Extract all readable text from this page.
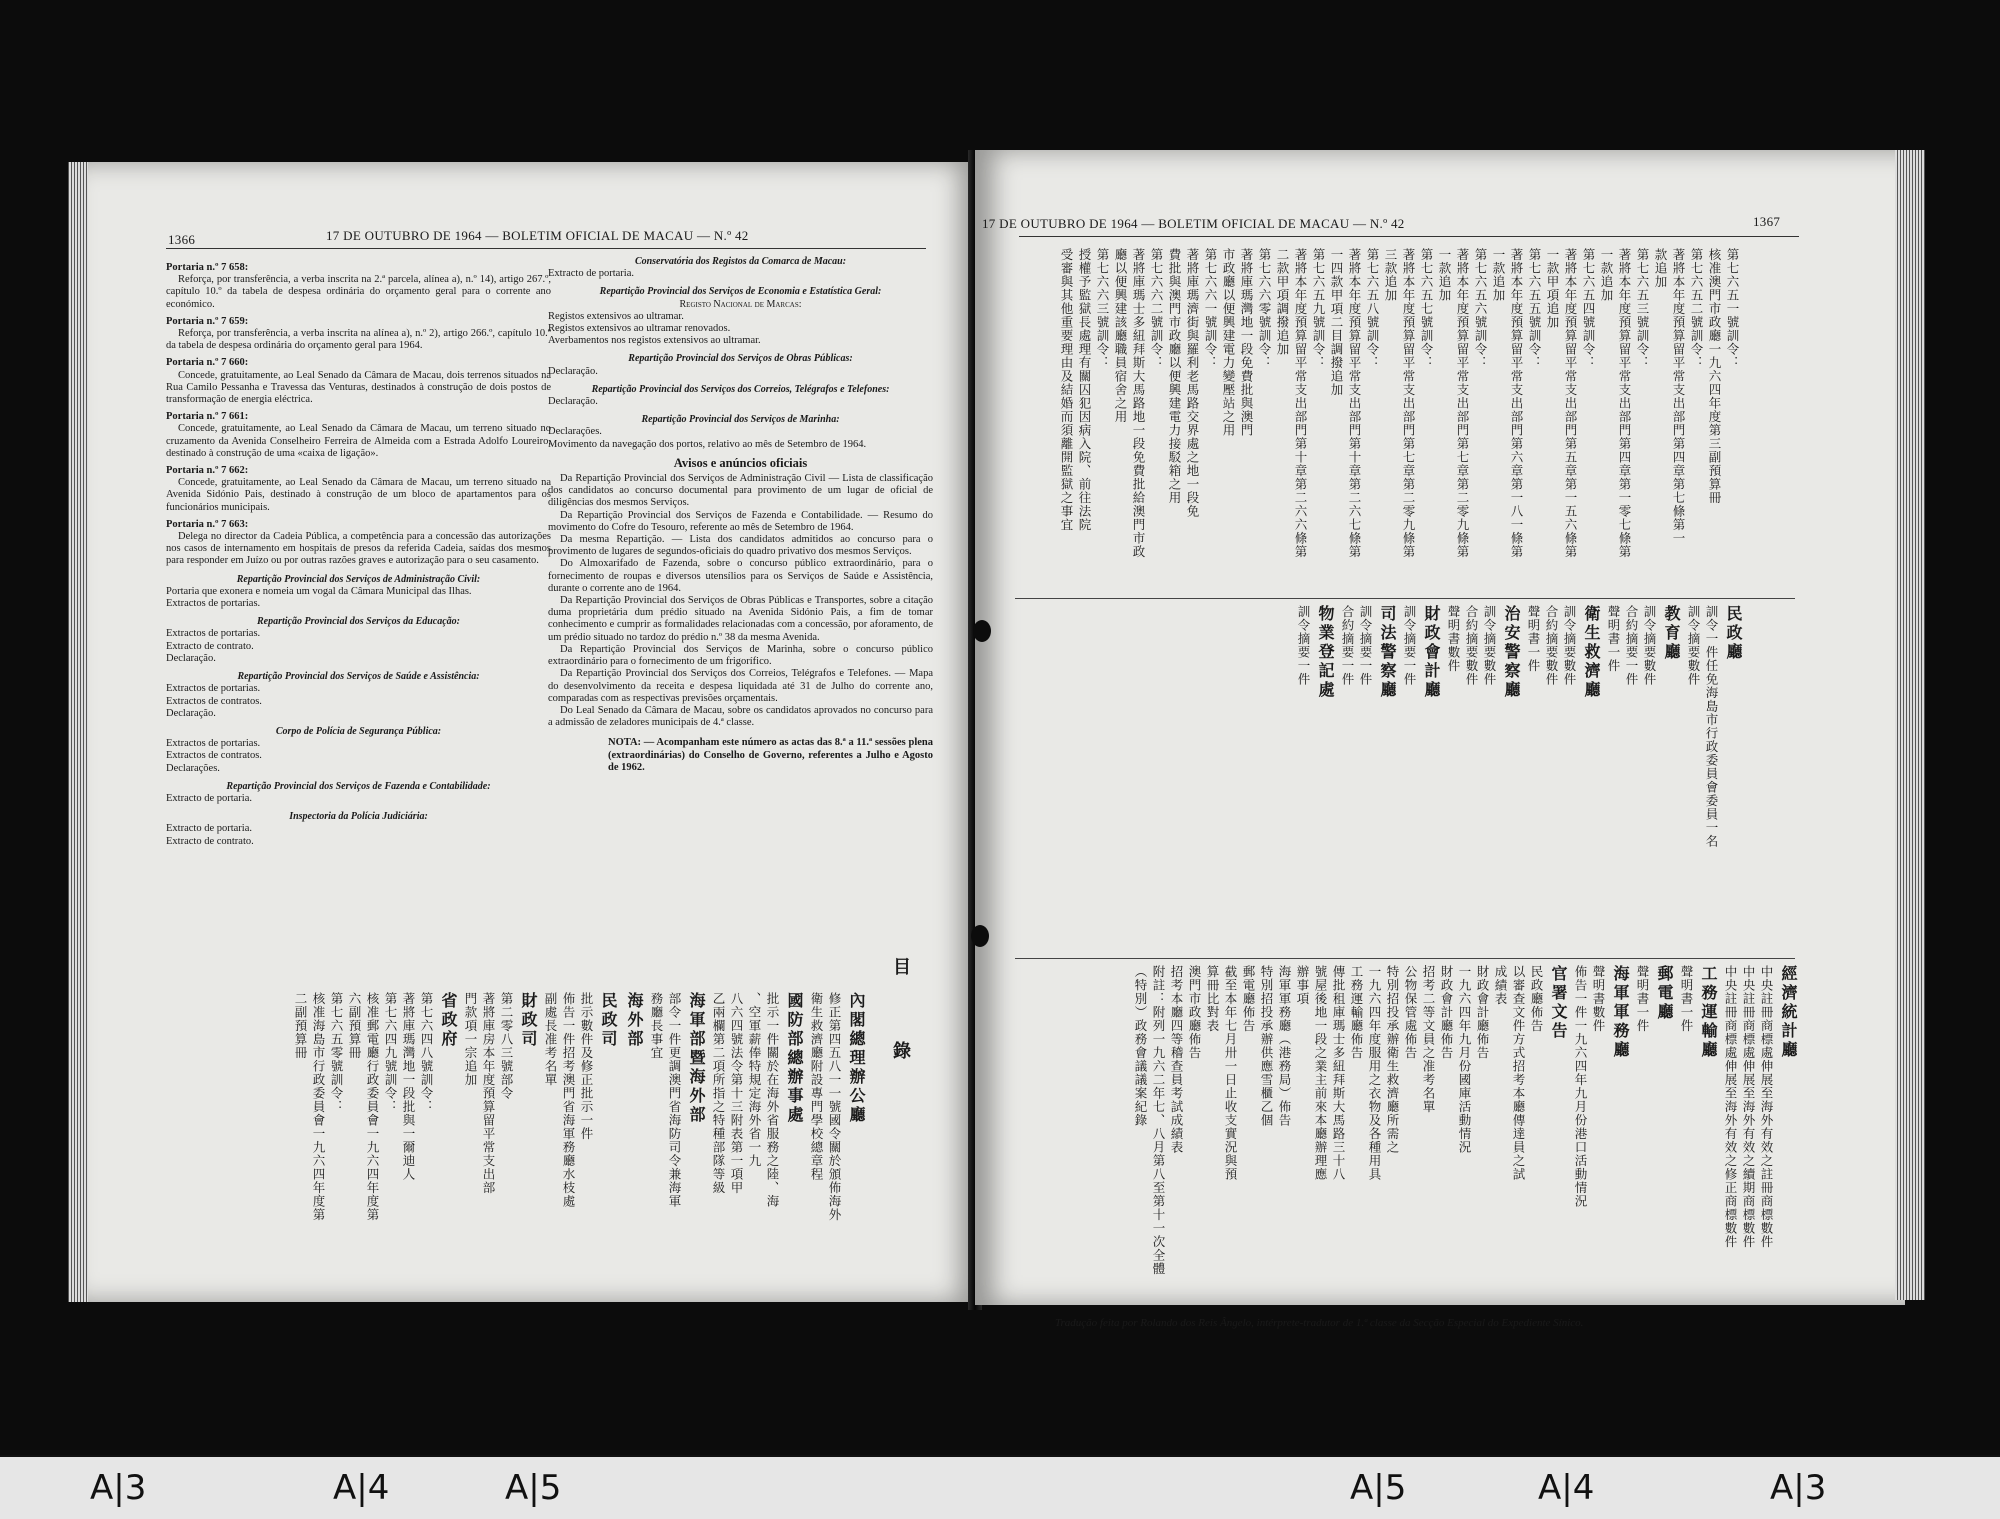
1366	17 DE OUTUBRO DE 1964 — BOLETIM OFICIAL DE MACAU — N.º 42

Portaria n.º 7 658:

Reforça, por transferência, a verba inscrita na 2.ª parcela, alínea a), n.º 14), artigo 267.º, capítulo 10.º da tabela de despesa ordinária do orçamento geral para o corrente ano económico.

Portaria n.º 7 659:

Reforça, por transferência, a verba inscrita na alínea a), n.º 2), artigo 266.º, capítulo 10.º da tabela de despesa ordinária do orçamento geral para 1964.

Portaria n.º 7 660:

Concede, gratuitamente, ao Leal Senado da Câmara de Macau, dois terrenos situados na Rua Camilo Pessanha e Travessa das Venturas, destinados à construção de dois postos de transformação de energia eléctrica.

Portaria n.º 7 661:

Concede, gratuitamente, ao Leal Senado da Câmara de Macau, um terreno situado no cruzamento da Avenida Conselheiro Ferreira de Almeida com a Estrada Adolfo Loureiro, destinado à construção de uma «caixa de ligação».

Portaria n.º 7 662:

Concede, gratuitamente, ao Leal Senado da Câmara de Macau, um terreno situado na Avenida Sidónio Pais, destinado à construção de um bloco de apartamentos para os funcionários municipais.

Portaria n.º 7 663:

Delega no director da Cadeia Pública, a competência para a concessão das autorizações nos casos de internamento em hospitais de presos da referida Cadeia, saídas dos mesmos para responder em Juízo ou por outras razões graves e autorização para o seu casamento.

Repartição Provincial dos Serviços de Administração Civil:

Portaria que exonera e nomeia um vogal da Câmara Municipal das Ilhas.

Extractos de portarias.

Repartição Provincial dos Serviços da Educação:

Extractos de portarias.

Extracto de contrato.

Declaração.

Repartição Provincial dos Serviços de Saúde e Assistência:

Extractos de portarias.

Extractos de contratos.

Declaração.

Corpo de Polícia de Segurança Pública:

Extractos de portarias.

Extractos de contratos.

Declarações.

Repartição Provincial dos Serviços de Fazenda e Contabilidade:

Extracto de portaria.

Inspectoria da Polícia Judiciária:

Extracto de portaria.

Extracto de contrato.

Conservatória dos Registos da Comarca de Macau:

Extracto de portaria.

Repartição Provincial dos Serviços de Economia e Estatística Geral:

Registo Nacional de Marcas:

Registos extensivos ao ultramar.

Registos extensivos ao ultramar renovados.

Averbamentos nos registos extensivos ao ultramar.

Repartição Provincial dos Serviços de Obras Públicas:

Declaração.

Repartição Provincial dos Serviços dos Correios, Telégrafos e Telefones:

Declaração.

Repartição Provincial dos Serviços de Marinha:

Declarações.

Movimento da navegação dos portos, relativo ao mês de Setembro de 1964.

Avisos e anúncios oficiais

Da Repartição Provincial dos Serviços de Administração Civil — Lista de classificação dos candidatos ao concurso documental para provimento de um lugar de oficial de diligências dos mesmos Serviços.

Da Repartição Provincial dos Serviços de Fazenda e Contabilidade. — Resumo do movimento do Cofre do Tesouro, referente ao mês de Setembro de 1964.

Da mesma Repartição. — Lista dos candidatos admitidos ao concurso para o provimento de lugares de segundos-oficiais do quadro privativo dos mesmos Serviços.

Do Almoxarifado de Fazenda, sobre o concurso público extraordinário, para o fornecimento de roupas e diversos utensílios para os Serviços de Saúde e Assistência, durante o corrente ano de 1964.

Da Repartição Provincial dos Serviços de Obras Públicas e Transportes, sobre a citação duma proprietária dum prédio situado na Avenida Sidónio Pais, a fim de tomar conhecimento e cumprir as formalidades relacionadas com a concessão, por aforamento, de um prédio situado no tardoz do prédio n.º 38 da mesma Avenida.

Da Repartição Provincial dos Serviços de Marinha, sobre o concurso público extraordinário para o fornecimento de um frigorífico.

Da Repartição Provincial dos Serviços dos Correios, Telégrafos e Telefones. — Mapa do desenvolvimento da receita e despesa liquidada até 31 de Julho do corrente ano, comparadas com as respectivas previsões orçamentais.

Do Leal Senado da Câmara de Macau, sobre os candidatos aprovados no concurso para a admissão de zeladores municipais de 4.ª classe.

NOTA: — Acompanham este número as actas das 8.ª a 11.ª sessões plena (extraordinárias) do Conselho de Governo, referentes a Julho e Agosto de 1962.

目 錄
內閣總理辦公廳
修正第四五八一一號國令關於頒佈海外
衛生救濟廳附設專門學校總章程
國防部總辦事處
批示一件關於在海外省服務之陸、海
、空軍薪俸特規定海外省一九
八六四號法令第十三附表第一項甲
乙兩欄第二項所指之特種部隊等級
海軍部暨海外部
部令一件更調澳門省海防司令兼海軍
務廳長事宜
海外部
民政司
批示數件及修正批示一件
佈告一件招考澳門省海軍務廳水枝處
副處長准考名單
財政司
第二零八三號部令
著將庫房本年度預算留平常支出部
門款項一宗追加
省政府
第七六四八號訓令：
著將庫瑪灣地一段批與一爾迪人
第七六四九號訓令：
核准郵電廳行政委員會一九六四年度第
六副預算冊
第七六五零號訓令：
核准海島市行政委員會一九六四年度第
二副預算冊
17 DE OUTUBRO DE 1964 — BOLETIM OFICIAL DE MACAU — N.º 42	1367
第七六五一號訓令：
核准澳門市政廳一九六四年度第三副預算冊
第七六五二號訓令：
著將本年度預算留平常支出部門第四章第七條第一
款追加
第七六五三號訓令：
著將本年度預算留平常支出部門第四章第一零七條第
一款追加
第七六五四號訓令：
著將本年度預算留平常支出部門第五章第一五六條第
一款甲項追加
第七六五五號訓令：
著將本年度預算留平常支出部門第六章第一八一條第
一款追加
第七六五六號訓令：
著將本年度預算留平常支出部門第七章第二零九條第
一款追加
第七六五七號訓令：
著將本年度預算留平常支出部門第七章第二零九條第
三款追加
第七六五八號訓令：
著將本年度預算留平常支出部門第十章第二六七條第
一四款甲項二目調撥追加
第七六五九號訓令：
著將本年度預算留平常支出部門第十章第二六六條第
二款甲項調撥追加
第七六六零號訓令：
著將庫瑪灣地一段免費批與澳門
市政廳以便興建電力變壓站之用
第七六六一號訓令：
著將庫瑪濟街與羅利老馬路交界處之地一段免
費批與澳門市政廳以便興建電力接駁箱之用
第七六六二號訓令：
著將庫瑪士多紐拜斯大馬路地一段免費批給澳門市政
廳以便興建該廳職員宿舍之用
第七六六三號訓令：
授權予監獄長處理有關囚犯因病入院、前往法院
受審與其他重要理由及結婚而須離開監獄之事宜
民政廳
訓令一件任免海島市行政委員會委員一名
訓令摘要數件
教育廳
訓令摘要數件
合約摘要一件
聲明書一件
衛生救濟廳
訓令摘要數件
合約摘要數件
聲明書一件
治安警察廳
訓令摘要數件
合約摘要數件
聲明書數件
財政會計廳
訓令摘要一件
司法警察廳
訓令摘要一件
合約摘要一件
物業登記處
訓令摘要一件
經濟統計廳
中央註冊商標處伸展至海外有效之註冊商標數件
中央註冊商標處伸展至海外有效之續期商標數件
中央註冊商標處伸展至海外有效之修正商標數件
工務運輸廳
聲明書一件
郵電廳
聲明書一件
海軍軍務廳
聲明書數件
佈告一件一九六四年九月份港口活動情況
官署文告
民政廳佈告
以審查文件方式招考本廳傳達員之試
成績表
財政會計廳佈告
一九六四年九月份國庫活動情況
財政會計廳佈告
招考二等文員之准考名單
公物保管處佈告
特別招投承辦衛生救濟廳所需之
一九六四年度服用之衣物及各種用具
工務運輸廳佈告
傳批租庫瑪士多紐拜斯大馬路三十八
號屋後地一段之業主前來本廳辦理應
辦事項
海軍軍務廳（港務局）佈告
特別招投承辦供應雪櫃乙個
郵電廳佈告
截至本年七月卅一日止收支實況與預
算冊比對表
澳門市政廳佈告
招考本廳四等稽查員考試成績表
附註：附列一九六二年七、八月第八至第十一次全體
（特別）政務會議議案紀錄
Tradução feita por Rolando dos Reis Ângelo, intérprete-tradutor de 1.ª classe da Secção Especial do Expediente Sínico.
A|3	A|4	A|5	A|5	A|4	A|3
